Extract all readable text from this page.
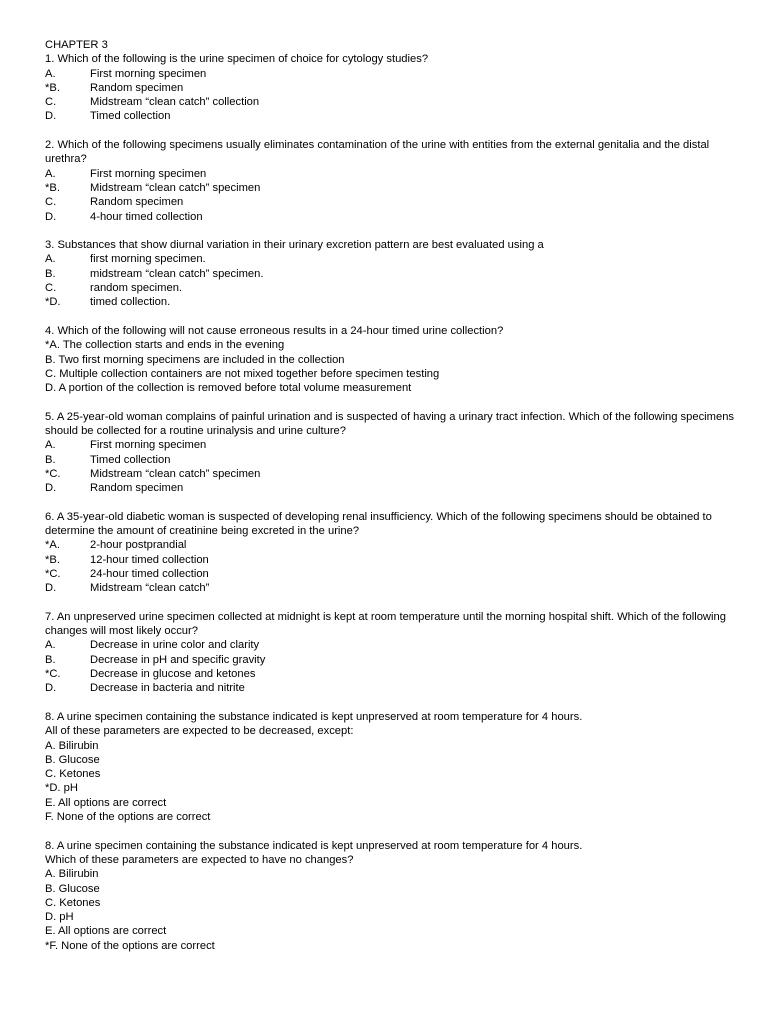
CHAPTER 3
1. Which of the following is the urine specimen of choice for cytology studies?
A.	First morning specimen
*B.	Random specimen
C.	Midstream “clean catch” collection
D.	Timed collection
2. Which of the following specimens usually eliminates contamination of the urine with entities from the external genitalia and the distal urethra?
A.	First morning specimen
*B.	Midstream “clean catch” specimen
C.	Random specimen
D.	4-hour timed collection
3. Substances that show diurnal variation in their urinary excretion pattern are best evaluated using a
A.	first morning specimen.
B.	midstream “clean catch” specimen.
C.	random specimen.
*D.	timed collection.
4. Which of the following will not cause erroneous results in a 24-hour timed urine collection?
*A. The collection starts and ends in the evening
B. Two first morning specimens are included in the collection
C. Multiple collection containers are not mixed together before specimen testing
D. A portion of the collection is removed before total volume measurement
5. A 25-year-old woman complains of painful urination and is suspected of having a urinary tract infection. Which of the following specimens should be collected for a routine urinalysis and urine culture?
A.	First morning specimen
B.	Timed collection
*C.	Midstream “clean catch” specimen
D.	Random specimen
6. A 35-year-old diabetic woman is suspected of developing renal insufficiency. Which of the following specimens should be obtained to determine the amount of creatinine being excreted in the urine?
*A.	2-hour postprandial
*B.	12-hour timed collection
*C.	24-hour timed collection
D.	Midstream “clean catch”
7. An unpreserved urine specimen collected at midnight is kept at room temperature until the morning hospital shift. Which of the following changes will most likely occur?
A.	Decrease in urine color and clarity
B.	Decrease in pH and specific gravity
*C.	Decrease in glucose and ketones
D.	Decrease in bacteria and nitrite
8. A urine specimen containing the substance indicated is kept unpreserved at room temperature for 4 hours.
All of these parameters are expected to be decreased, except:
A. Bilirubin
B. Glucose
C. Ketones
*D. pH
E. All options are correct
F. None of the options are correct
8. A urine specimen containing the substance indicated is kept unpreserved at room temperature for 4 hours.
Which of these parameters are expected to have no changes?
A. Bilirubin
B. Glucose
C. Ketones
D. pH
E. All options are correct
*F. None of the options are correct
